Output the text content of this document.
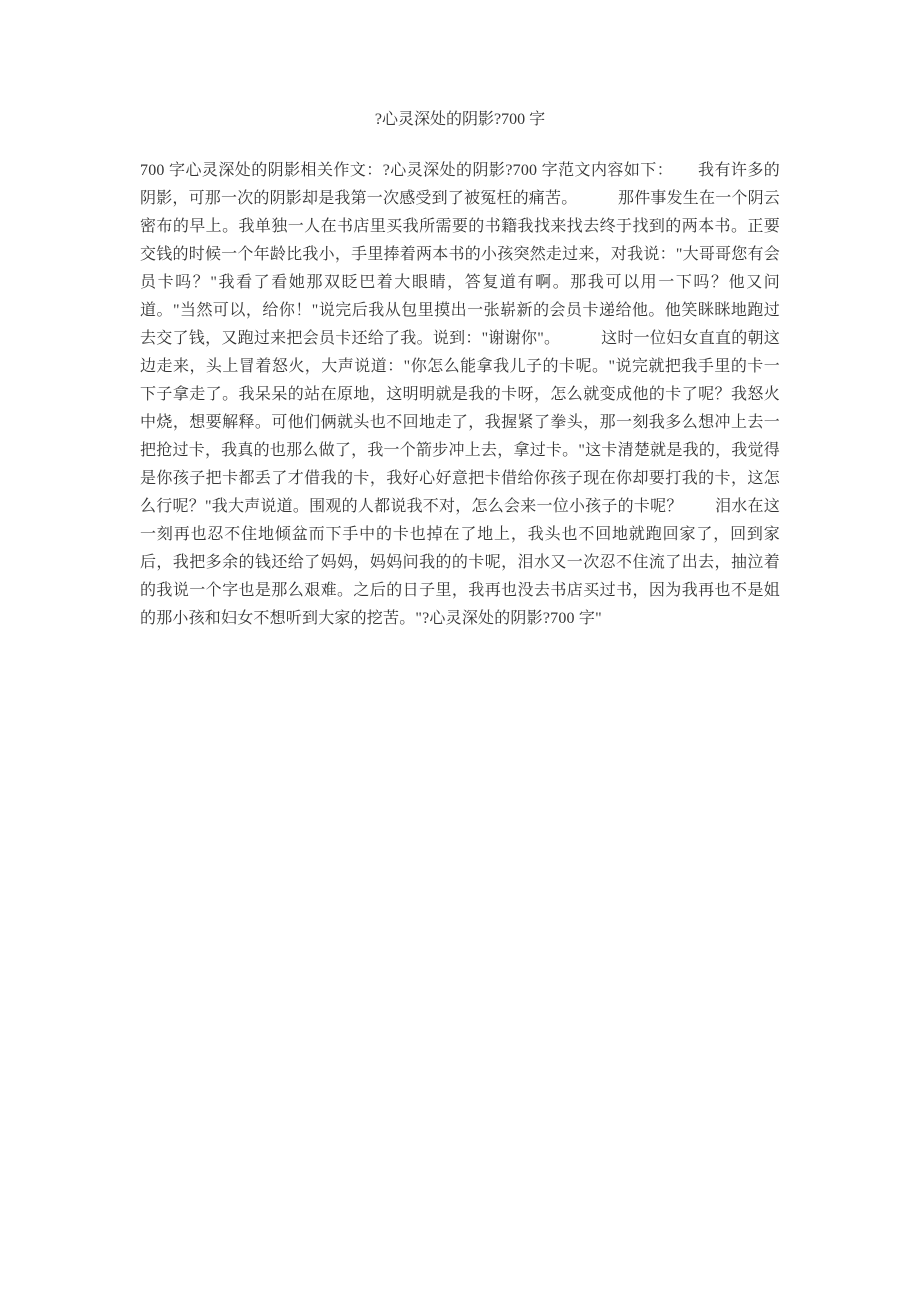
?心灵深处的阴影?700 字

700 字心灵深处的阴影相关作文：?心灵深处的阴影?700 字范文内容如下：　　我有许多的阴影，可那一次的阴影却是我第一次感受到了被冤枉的痛苦。　　　那件事发生在一个阴云密布的早上。我单独一人在书店里买我所需要的书籍我找来找去终于找到的两本书。正要交钱的时候一个年龄比我小，手里捧着两本书的小孩突然走过来，对我说："大哥哥您有会员卡吗？"我看了看她那双眨巴着大眼睛，答复道有啊。那我可以用一下吗？他又问道。"当然可以，给你！"说完后我从包里摸出一张崭新的会员卡递给他。他笑眯眯地跑过去交了钱，又跑过来把会员卡还给了我。说到："谢谢你"。　　　这时一位妇女直直的朝这边走来，头上冒着怒火，大声说道："你怎么能拿我儿子的卡呢。"说完就把我手里的卡一下子拿走了。我呆呆的站在原地，这明明就是我的卡呀，怎么就变成他的卡了呢？我怒火中烧，想要解释。可他们俩就头也不回地走了，我握紧了拳头，那一刻我多么想冲上去一把抢过卡，我真的也那么做了，我一个箭步冲上去，拿过卡。"这卡清楚就是我的，我觉得是你孩子把卡都丢了才借我的卡，我好心好意把卡借给你孩子现在你却要打我的卡，这怎么行呢？"我大声说道。围观的人都说我不对，怎么会来一位小孩子的卡呢？　　泪水在这一刻再也忍不住地倾盆而下手中的卡也掉在了地上，我头也不回地就跑回家了，回到家后，我把多余的钱还给了妈妈，妈妈问我的的卡呢，泪水又一次忍不住流了出去，抽泣着的我说一个字也是那么艰难。之后的日子里，我再也没去书店买过书，因为我再也不是姐的那小孩和妇女不想听到大家的挖苦。"?心灵深处的阴影?700 字"
